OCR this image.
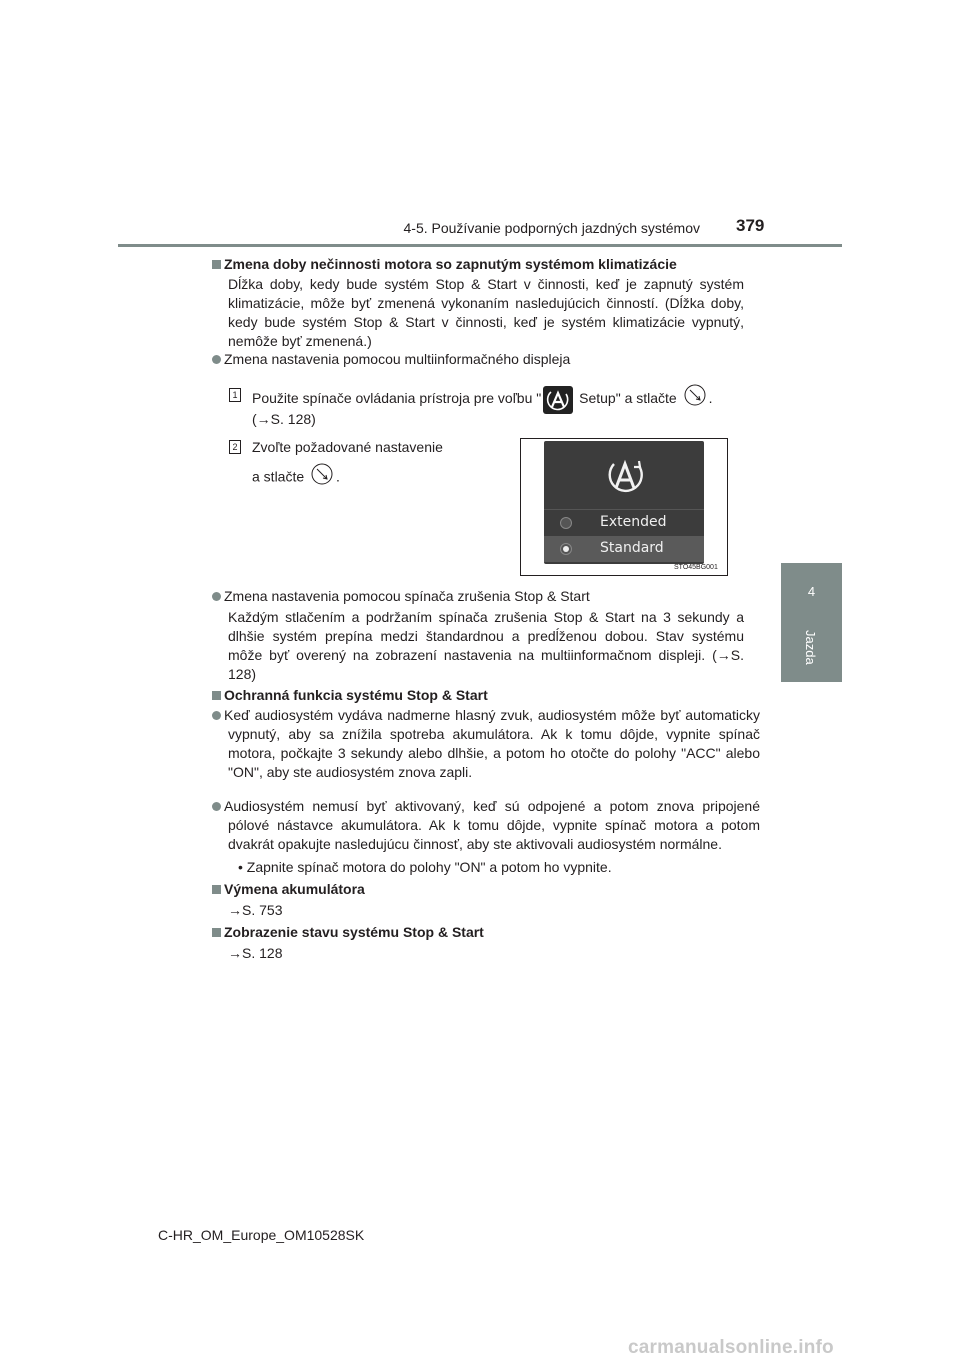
4-5. Používanie podporných jazdných systémov 379
4
Jazda
Zmena doby nečinnosti motora so zapnutým systémom klimatizácie
Dĺžka doby, kedy bude systém Stop & Start v činnosti, keď je zapnutý systém klimatizácie, môže byť zmenená vykonaním nasledujúcich činností. (Dĺžka doby, kedy bude systém Stop & Start v činnosti, keď je systém klimatizácie vypnutý, nemôže byť zmenená.)
Zmena nastavenia pomocou multiinformačného displeja
1 Použite spínače ovládania prístroja pre voľbu "
Setup" a stlačte .
(→S. 128)
2 Zvoľte požadované nastavenie
a stlačte .
Extended
Standard
STO45BG001
Zmena nastavenia pomocou spínača zrušenia Stop & Start
Každým stlačením a podržaním spínača zrušenia Stop & Start na 3 sekundy a dlhšie systém prepína medzi štandardnou a predĺženou dobou. Stav systému môže byť overený na zobrazení nastavenia na multiinformačnom displeji. (→S. 128)
Ochranná funkcia systému Stop & Start
Keď audiosystém vydáva nadmerne hlasný zvuk, audiosystém môže byť automaticky vypnutý, aby sa znížila spotreba akumulátora. Ak k tomu dôjde, vypnite spínač motora, počkajte 3 sekundy alebo dlhšie, a potom ho otočte do polohy "ACC" alebo "ON", aby ste audiosystém znova zapli.
Audiosystém nemusí byť aktivovaný, keď sú odpojené a potom znova pripojené pólové nástavce akumulátora. Ak k tomu dôjde, vypnite spínač motora a potom dvakrát opakujte nasledujúcu činnosť, aby ste aktivovali audiosystém normálne.
• Zapnite spínač motora do polohy "ON" a potom ho vypnite.
Výmena akumulátora
→S. 753
Zobrazenie stavu systému Stop & Start
→S. 128
C-HR_OM_Europe_OM10528SK
carmanualsonline.info
